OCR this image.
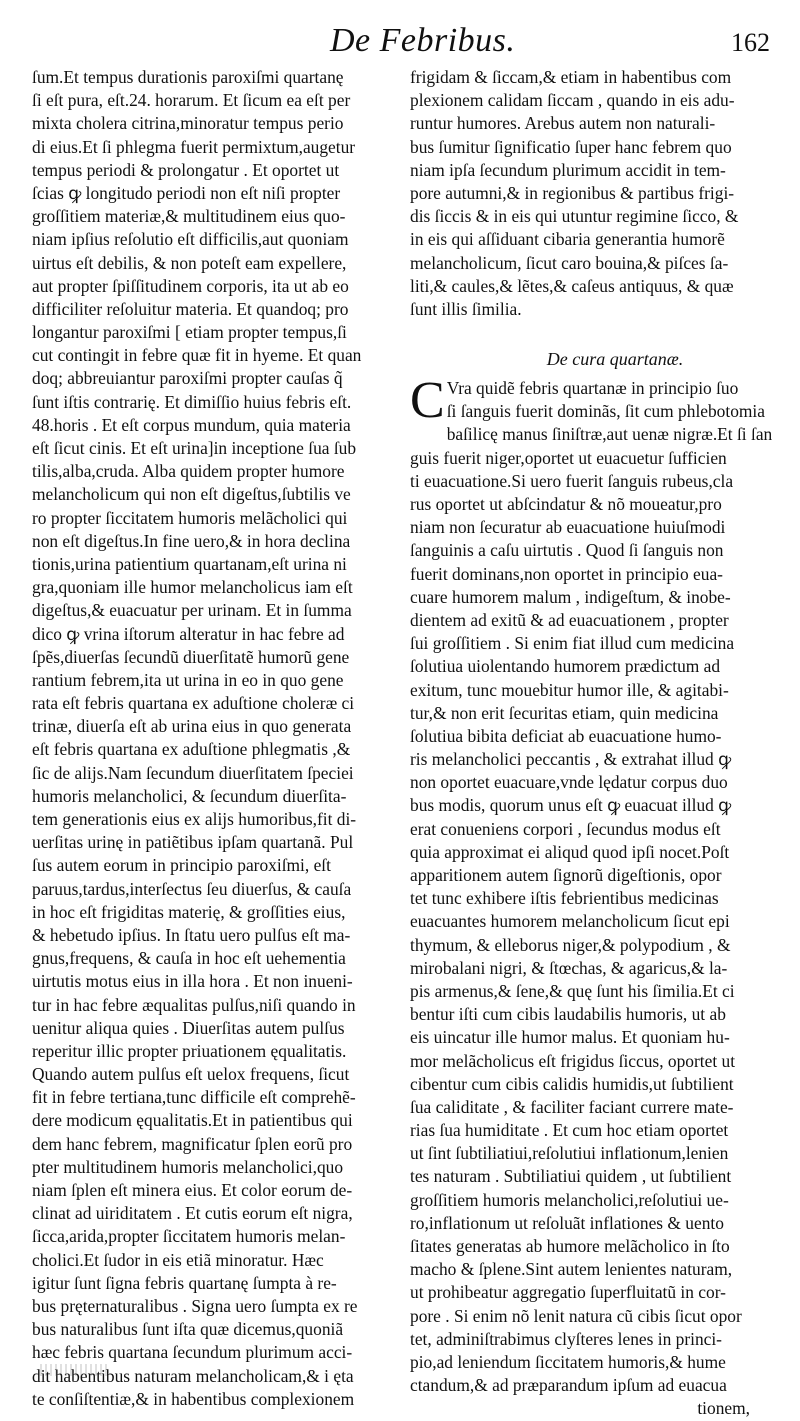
De Febribus.	162
ſum.Et tempus durationis paroxiſmi quartanę
ſi eſt pura, eſt.24. horarum. Et ſicum ea eſt per
mixta cholera citrina,minoratur tempus perio
di eius.Et ſi phlegma fuerit permixtum,augetur
tempus periodi & prolongatur . Et oportet ut
ſcias ꝙ longitudo periodi non eſt niſi propter
groſſitiem materiæ,& multitudinem eius quo-
niam ipſius reſolutio eſt difficilis,aut quoniam
uirtus eſt debilis, & non poteſt eam expellere,
aut propter ſpiſſitudinem corporis, ita ut ab eo
difficiliter reſoluitur materia. Et quandoq; pro
longantur paroxiſmi [ etiam propter tempus,ſi
cut contingit in febre quæ fit in hyeme. Et quan
doq; abbreuiantur paroxiſmi propter cauſas q̃
ſunt iſtis contrarię. Et dimiſſio huius febris eſt.
48.horis . Et eſt corpus mundum, quia materia
eſt ſicut cinis. Et eſt urina]in inceptione ſua ſub
tilis,alba,cruda. Alba quidem propter humore
melancholicum qui non eſt digeſtus,ſubtilis ve
ro propter ſiccitatem humoris melãcholici qui
non eſt digeſtus.In fine uero,& in hora declina
tionis,urina patientium quartanam,eſt urina ni
gra,quoniam ille humor melancholicus iam eſt
digeſtus,& euacuatur per urinam. Et in ſumma
dico ꝙ vrina iſtorum alteratur in hac febre ad
ſpẽs,diuerſas ſecundũ diuerſitatẽ humorũ gene
rantium febrem,ita ut urina in eo in quo gene
rata eſt febris quartana ex aduſtione choleræ ci
trinæ, diuerſa eſt ab urina eius in quo generata
eſt febris quartana ex aduſtione phlegmatis ,&
ſic de alijs.Nam ſecundum diuerſitatem ſpeciei
humoris melancholici, & ſecundum diuerſita-
tem generationis eius ex alijs humoribus,fit di-
uerſitas urinę in patiẽtibus ipſam quartanã. Pul
ſus autem eorum in principio paroxiſmi, eſt
paruus,tardus,interſectus ſeu diuerſus, & cauſa
in hoc eſt frigiditas materię, & groſſities eius,
& hebetudo ipſius. In ſtatu uero pulſus eſt ma-
gnus,frequens, & cauſa in hoc eſt uehementia
uirtutis motus eius in illa hora . Et non inueni-
tur in hac febre æqualitas pulſus,niſi quando in
uenitur aliqua quies . Diuerſitas autem pulſus
reperitur illic propter priuationem ęqualitatis.
Quando autem pulſus eſt uelox frequens, ſicut
fit in febre tertiana,tunc difficile eſt comprehẽ-
dere modicum ęqualitatis.Et in patientibus qui
dem hanc febrem, magnificatur ſplen eorũ pro
pter multitudinem humoris melancholici,quo
niam ſplen eſt minera eius. Et color eorum de-
clinat ad uiriditatem . Et cutis eorum eſt nigra,
ſicca,arida,propter ſiccitatem humoris melan-
cholici.Et ſudor in eis etiã minoratur. Hæc
igitur ſunt ſigna febris quartanę ſumpta à re-
bus pręternaturalibus . Signa uero ſumpta ex re
bus naturalibus ſunt iſta quæ dicemus,quoniã
hæc febris quartana ſecundum plurimum acci-
dit habentibus naturam melancholicam,& i ęta
te conſiſtentiæ,& in habentibus complexionem
frigidam & ſiccam,& etiam in habentibus com
plexionem calidam ſiccam , quando in eis adu-
runtur humores. Arebus autem non naturali-
bus ſumitur ſignificatio ſuper hanc febrem quo
niam ipſa ſecundum plurimum accidit in tem-
pore autumni,& in regionibus & partibus frigi-
dis ſiccis & in eis qui utuntur regimine ſicco, &
in eis qui aſſiduant cibaria generantia humorẽ
melancholicum, ſicut caro bouina,& piſces ſa-
liti,& caules,& lẽtes,& caſeus antiquus, & quæ
ſunt illis ſimilia.
De cura quartanæ.
C Vra quidẽ febris quartanæ in principio ſuo
ſi ſanguis fuerit dominãs, ſit cum phlebotomia
baſilicę manus ſiniſtræ,aut uenæ nigræ.Et ſi ſan
guis fuerit niger,oportet ut euacuetur ſufficien
ti euacuatione.Si uero fuerit ſanguis rubeus,cla
rus oportet ut abſcindatur & nõ moueatur,pro
niam non ſecuratur ab euacuatione huiuſmodi
ſanguinis a caſu uirtutis . Quod ſi ſanguis non
fuerit dominans,non oportet in principio eua-
cuare humorem malum , indigeſtum, & inobe-
dientem ad exitũ & ad euacuationem , propter
ſui groſſitiem . Si enim fiat illud cum medicina
ſolutiua uiolentando humorem prædictum ad
exitum, tunc mouebitur humor ille, & agitabi-
tur,& non erit ſecuritas etiam, quin medicina
ſolutiua bibita deficiat ab euacuatione humo-
ris melancholici peccantis , & extrahat illud ꝙ
non oportet euacuare,vnde lędatur corpus duo
bus modis, quorum unus eſt ꝙ euacuat illud ꝙ
erat conueniens corpori , ſecundus modus eſt
quia approximat ei aliqud quod ipſi nocet.Poſt
apparitionem autem ſignorũ digeſtionis, opor
tet tunc exhibere iſtis febrientibus medicinas
euacuantes humorem melancholicum ſicut epi
thymum, & elleborus niger,& polypodium , &
mirobalani nigri, & ſtœchas, & agaricus,& la-
pis armenus,& ſene,& quę ſunt his ſimilia.Et ci
bentur iſti cum cibis laudabilis humoris, ut ab
eis uincatur ille humor malus. Et quoniam hu-
mor melãcholicus eſt frigidus ſiccus, oportet ut
cibentur cum cibis calidis humidis,ut ſubtilient
ſua caliditate , & faciliter faciant currere mate-
rias ſua humiditate . Et cum hoc etiam oportet
ut ſint ſubtiliatiui,reſolutiui inflationum,lenien
tes naturam . Subtiliatiui quidem , ut ſubtilient
groſſitiem humoris melancholici,reſolutiui ue-
ro,inflationum ut reſoluãt inflationes & uento
ſitates generatas ab humore melãcholico in ſto
macho & ſplene.Sint autem lenientes naturam,
ut prohibeatur aggregatio ſuperfluitatũ in cor-
pore . Si enim nõ lenit natura cũ cibis ſicut opor
tet, adminiſtrabimus clyſteres lenes in princi-
pio,ad leniendum ſiccitatem humoris,& hume
ctandum,& ad præparandum ipſum ad euacua
tionem,
